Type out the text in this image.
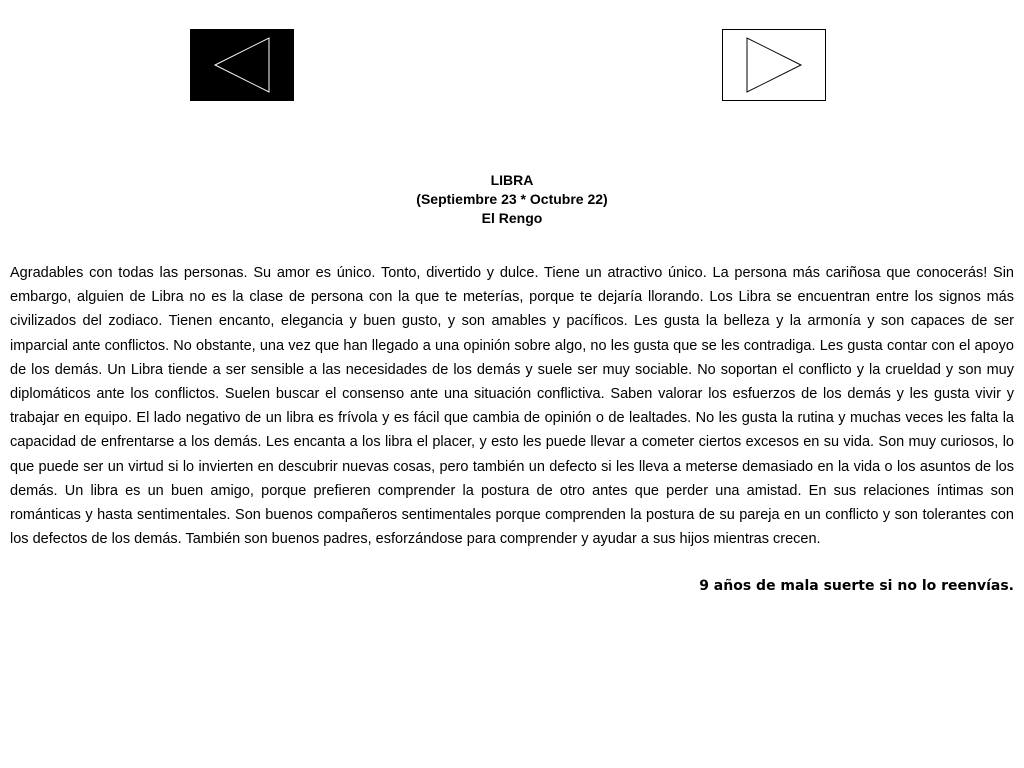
LIBRA
(Septiembre 23 * Octubre 22)
El Rengo

Agradables con todas las personas. Su amor es único. Tonto, divertido y dulce. Tiene un atractivo único. La persona más cariñosa que conocerás! Sin embargo, alguien de Libra no es la clase de persona con la que te meterías, porque te dejaría llorando. Los Libra se encuentran entre los signos más civilizados del zodiaco. Tienen encanto, elegancia y buen gusto, y son amables y pacíficos. Les gusta la belleza y la armonía y son capaces de ser imparcial ante conflictos. No obstante, una vez que han llegado a una opinión sobre algo, no les gusta que se les contradiga. Les gusta contar con el apoyo de los demás. Un Libra tiende a ser sensible a las necesidades de los demás y suele ser muy sociable. No soportan el conflicto y la crueldad y son muy diplomáticos ante los conflictos. Suelen buscar el consenso ante una situación conflictiva. Saben valorar los esfuerzos de los demás y les gusta vivir y trabajar en equipo. El lado negativo de un libra es frívola y es fácil que cambia de opinión o de lealtades. No les gusta la rutina y muchas veces les falta la capacidad de enfrentarse a los demás. Les encanta a los libra el placer, y esto les puede llevar a cometer ciertos excesos en su vida. Son muy curiosos, lo que puede ser un virtud si lo invierten en descubrir nuevas cosas, pero también un defecto si les lleva a meterse demasiado en la vida o los asuntos de los demás. Un libra es un buen amigo, porque prefieren comprender la postura de otro antes que perder una amistad. En sus relaciones íntimas son románticas y hasta sentimentales. Son buenos compañeros sentimentales porque comprenden la postura de su pareja en un conflicto y son tolerantes con los defectos de los demás. También son buenos padres, esforzándose para comprender y ayudar a sus hijos mientras crecen.

9 años de mala suerte si no lo reenvías.
